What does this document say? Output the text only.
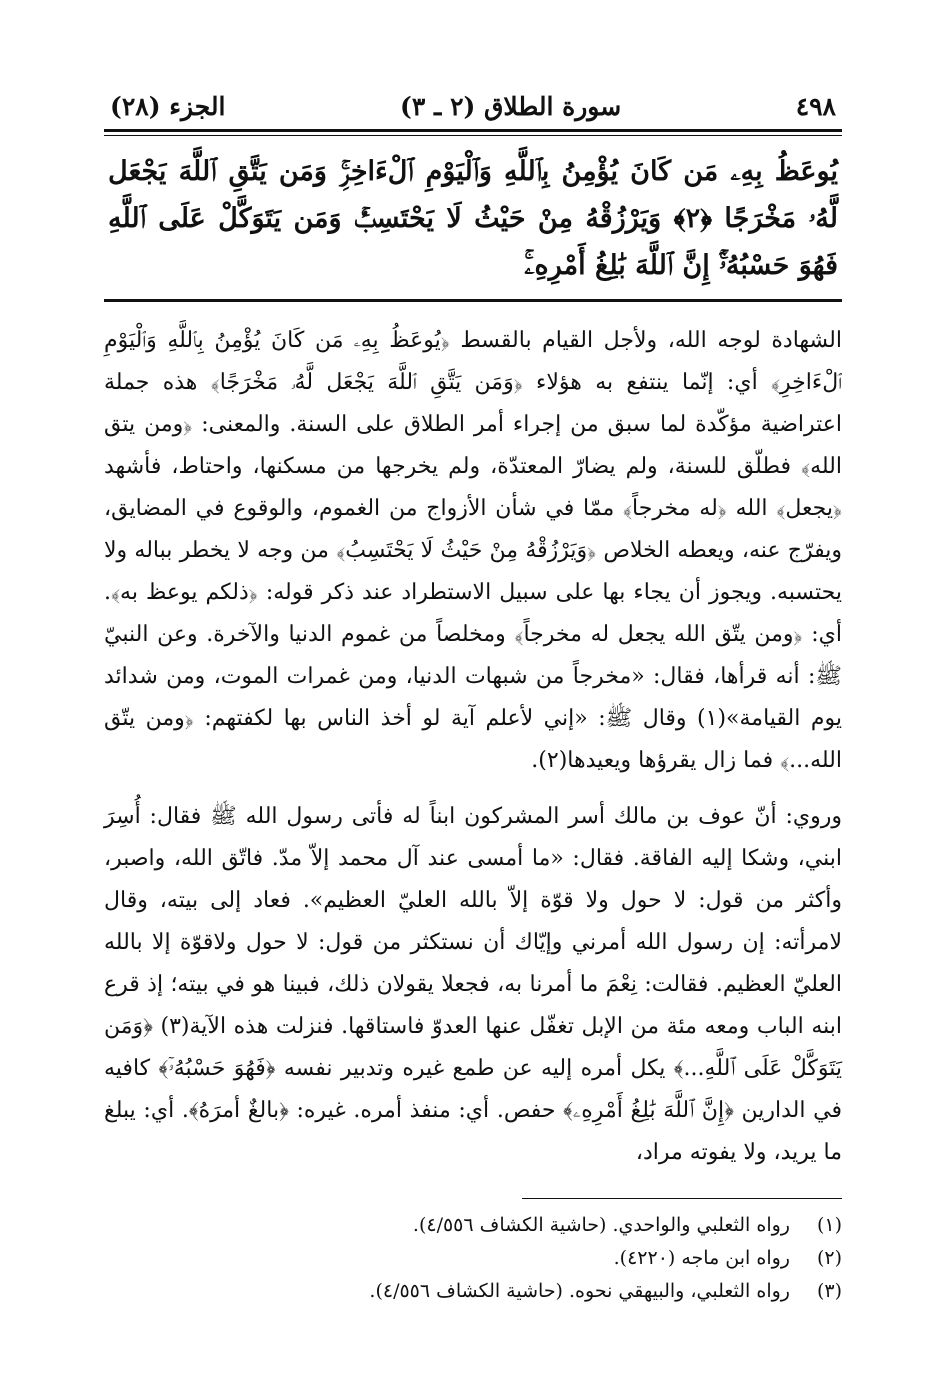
٤٩٨
سورة الطلاق (٢ ـ ٣)
الجزء (٢٨)
يُوعَظُ بِهِۦ مَن كَانَ يُؤْمِنُ بِٱللَّهِ وَٱلْيَوْمِ ٱلْءَاخِرِۚ وَمَن يَتَّقِ ٱللَّهَ يَجْعَل لَّهُۥ مَخْرَجًا ﴿٢﴾ وَيَرْزُقْهُ مِنْ حَيْثُ لَا يَحْتَسِبُۚ وَمَن يَتَوَكَّلْ عَلَى ٱللَّهِ فَهُوَ حَسْبُهُۥٓۚ إِنَّ ٱللَّهَ بَٰلِغُ أَمْرِهِۦۚ

الشهادة لوجه الله، ولأجل القيام بالقسط ﴿يُوعَظُ بِهِۦ مَن كَانَ يُؤْمِنُ بِٱللَّهِ وَٱلْيَوْمِ ٱلْءَاخِرِ﴾ أي: إنّما ينتفع به هؤلاء ﴿وَمَن يَتَّقِ ٱللَّهَ يَجْعَل لَّهُۥ مَخْرَجًا﴾ هذه جملة اعتراضية مؤكّدة لما سبق من إجراء أمر الطلاق على السنة. والمعنى: ﴿ومن يتق الله﴾ فطلّق للسنة، ولم يضارّ المعتدّة، ولم يخرجها من مسكنها، واحتاط، فأشهد ﴿يجعل﴾ الله ﴿له مخرجاً﴾ ممّا في شأن الأزواج من الغموم، والوقوع في المضايق، ويفرّج عنه، ويعطه الخلاص ﴿وَيَرْزُقْهُ مِنْ حَيْثُ لَا يَحْتَسِبُ﴾ من وجه لا يخطر بباله ولا يحتسبه. ويجوز أن يجاء بها على سبيل الاستطراد عند ذكر قوله: ﴿ذلكم يوعظ به﴾. أي: ﴿ومن يتّق الله يجعل له مخرجاً﴾ ومخلصاً من غموم الدنيا والآخرة. وعن النبيّ ﷺ: أنه قرأها، فقال: «مخرجاً من شبهات الدنيا، ومن غمرات الموت، ومن شدائد يوم القيامة»(١) وقال ﷺ: «إني لأعلم آية لو أخذ الناس بها لكفتهم: ﴿ومن يتّق الله...﴾ فما زال يقرؤها ويعيدها(٢).

وروي: أنّ عوف بن مالك أسر المشركون ابناً له فأتى رسول الله ﷺ فقال: أُسِرَ ابني، وشكا إليه الفاقة. فقال: «ما أمسى عند آل محمد إلاّ مدّ. فاتّق الله، واصبر، وأكثر من قول: لا حول ولا قوّة إلاّ بالله العليّ العظيم». فعاد إلى بيته، وقال لامرأته: إن رسول الله أمرني وإيّاك أن نستكثر من قول: لا حول ولاقوّة إلا بالله العليّ العظيم. فقالت: نِعْمَ ما أمرنا به، فجعلا يقولان ذلك، فبينا هو في بيته؛ إذ قرع ابنه الباب ومعه مئة من الإبل تغفّل عنها العدوّ فاستاقها. فنزلت هذه الآية(٣) ﴿وَمَن يَتَوَكَّلْ عَلَى ٱللَّهِ...﴾ يكل أمره إليه عن طمع غيره وتدبير نفسه ﴿فَهُوَ حَسْبُهُۥٓ﴾ كافيه في الدارين ﴿إِنَّ ٱللَّهَ بَٰلِغُ أَمْرِهِۦ﴾ حفص. أي: منفذ أمره. غيره: ﴿بالغٌ أمرَهُ﴾. أي: يبلغ ما يريد، ولا يفوته مراد،

(١) رواه الثعلبي والواحدي. (حاشية الكشاف ٤/٥٥٦).
(٢) رواه ابن ماجه (٤٢٢٠).
(٣) رواه الثعلبي، والبيهقي نحوه. (حاشية الكشاف ٤/٥٥٦).
